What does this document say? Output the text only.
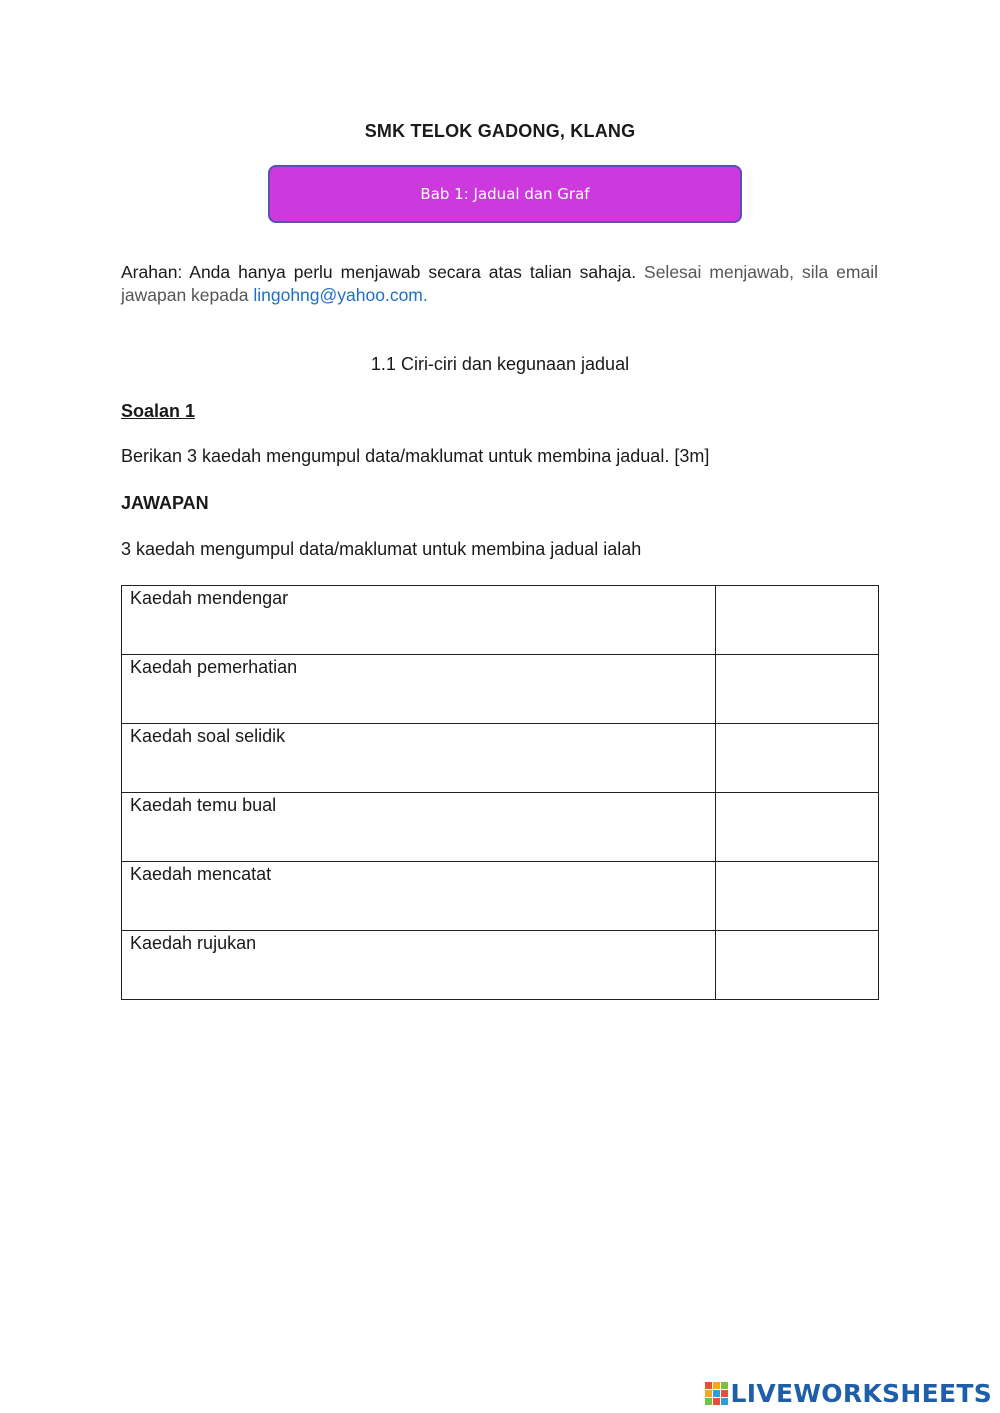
SMK TELOK GADONG, KLANG
Bab 1: Jadual dan Graf
Arahan: Anda hanya perlu menjawab secara atas talian sahaja. Selesai menjawab, sila email jawapan kepada lingohng@yahoo.com.
1.1 Ciri-ciri dan kegunaan jadual
Soalan 1
Berikan 3 kaedah mengumpul data/maklumat untuk membina jadual. [3m]
JAWAPAN
3 kaedah mengumpul data/maklumat untuk membina jadual ialah
Kaedah mendengar	
Kaedah pemerhatian	
Kaedah soal selidik	
Kaedah temu bual	
Kaedah mencatat	
Kaedah rujukan	
LIVEWORKSHEETS
